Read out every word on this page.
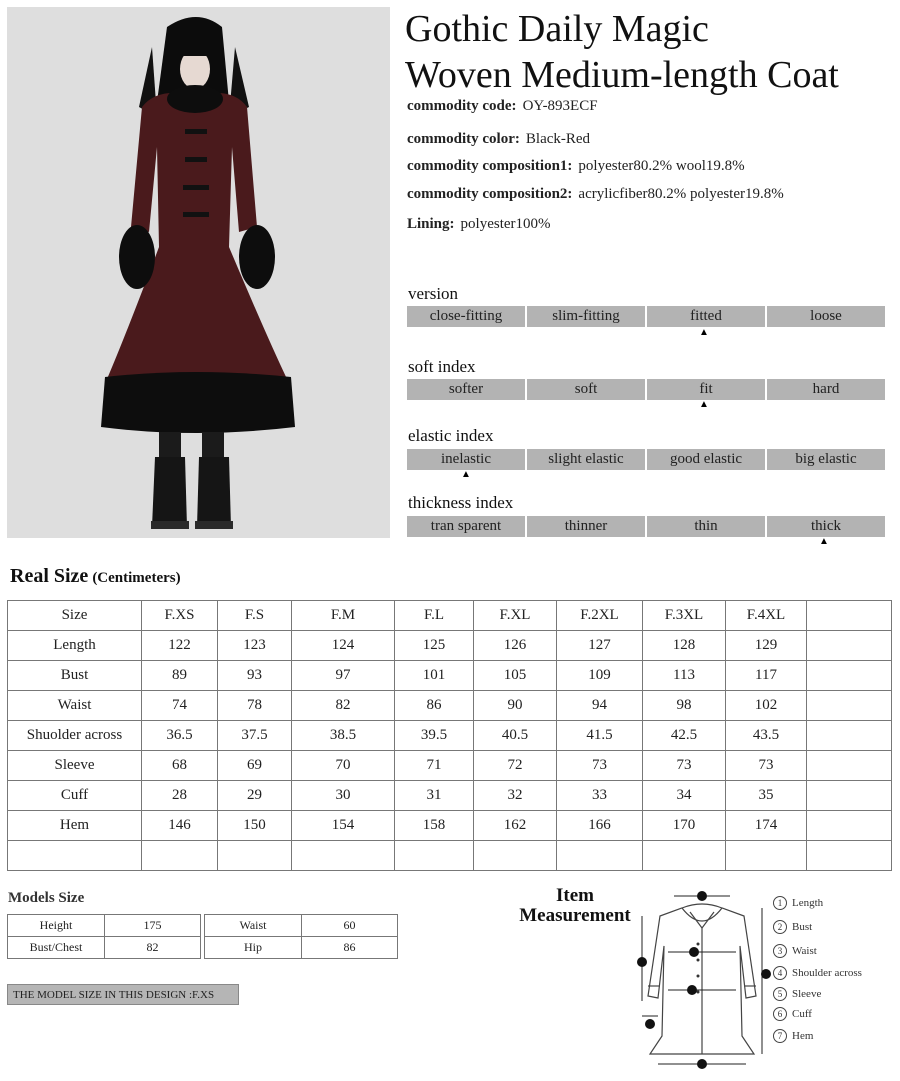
Gothic Daily Magic
Woven Medium-length Coat
commodity code: OY-893ECF
commodity color: Black-Red
commodity composition1: polyester80.2% wool19.8%
commodity composition2: acrylicfiber80.2% polyester19.8%
Lining: polyester100%
version
close-fitting	slim-fitting	fitted	loose
▲
soft index
softer	soft	fit	hard
▲
elastic index
inelastic	slight elastic	good elastic	big elastic
▲
thickness index
tran sparent	thinner	thin	thick
▲
Real Size (Centimeters)
Size	F.XS	F.S	F.M	F.L	F.XL	F.2XL	F.3XL	F.4XL	
Length	122	123	124	125	126	127	128	129	
Bust	89	93	97	101	105	109	113	117	
Waist	74	78	82	86	90	94	98	102	
Shuolder across	36.5	37.5	38.5	39.5	40.5	41.5	42.5	43.5	
Sleeve	68	69	70	71	72	73	73	73	
Cuff	28	29	30	31	32	33	34	35	
Hem	146	150	154	158	162	166	170	174	

Models Size
Height	175
Bust/Chest	82
Waist	60
Hip	86
THE MODEL SIZE IN THIS DESIGN :F.XS
Item
Measurement
1 Length
2 Bust
3 Waist
4 Shoulder across
5 Sleeve
6 Cuff
7 Hem
